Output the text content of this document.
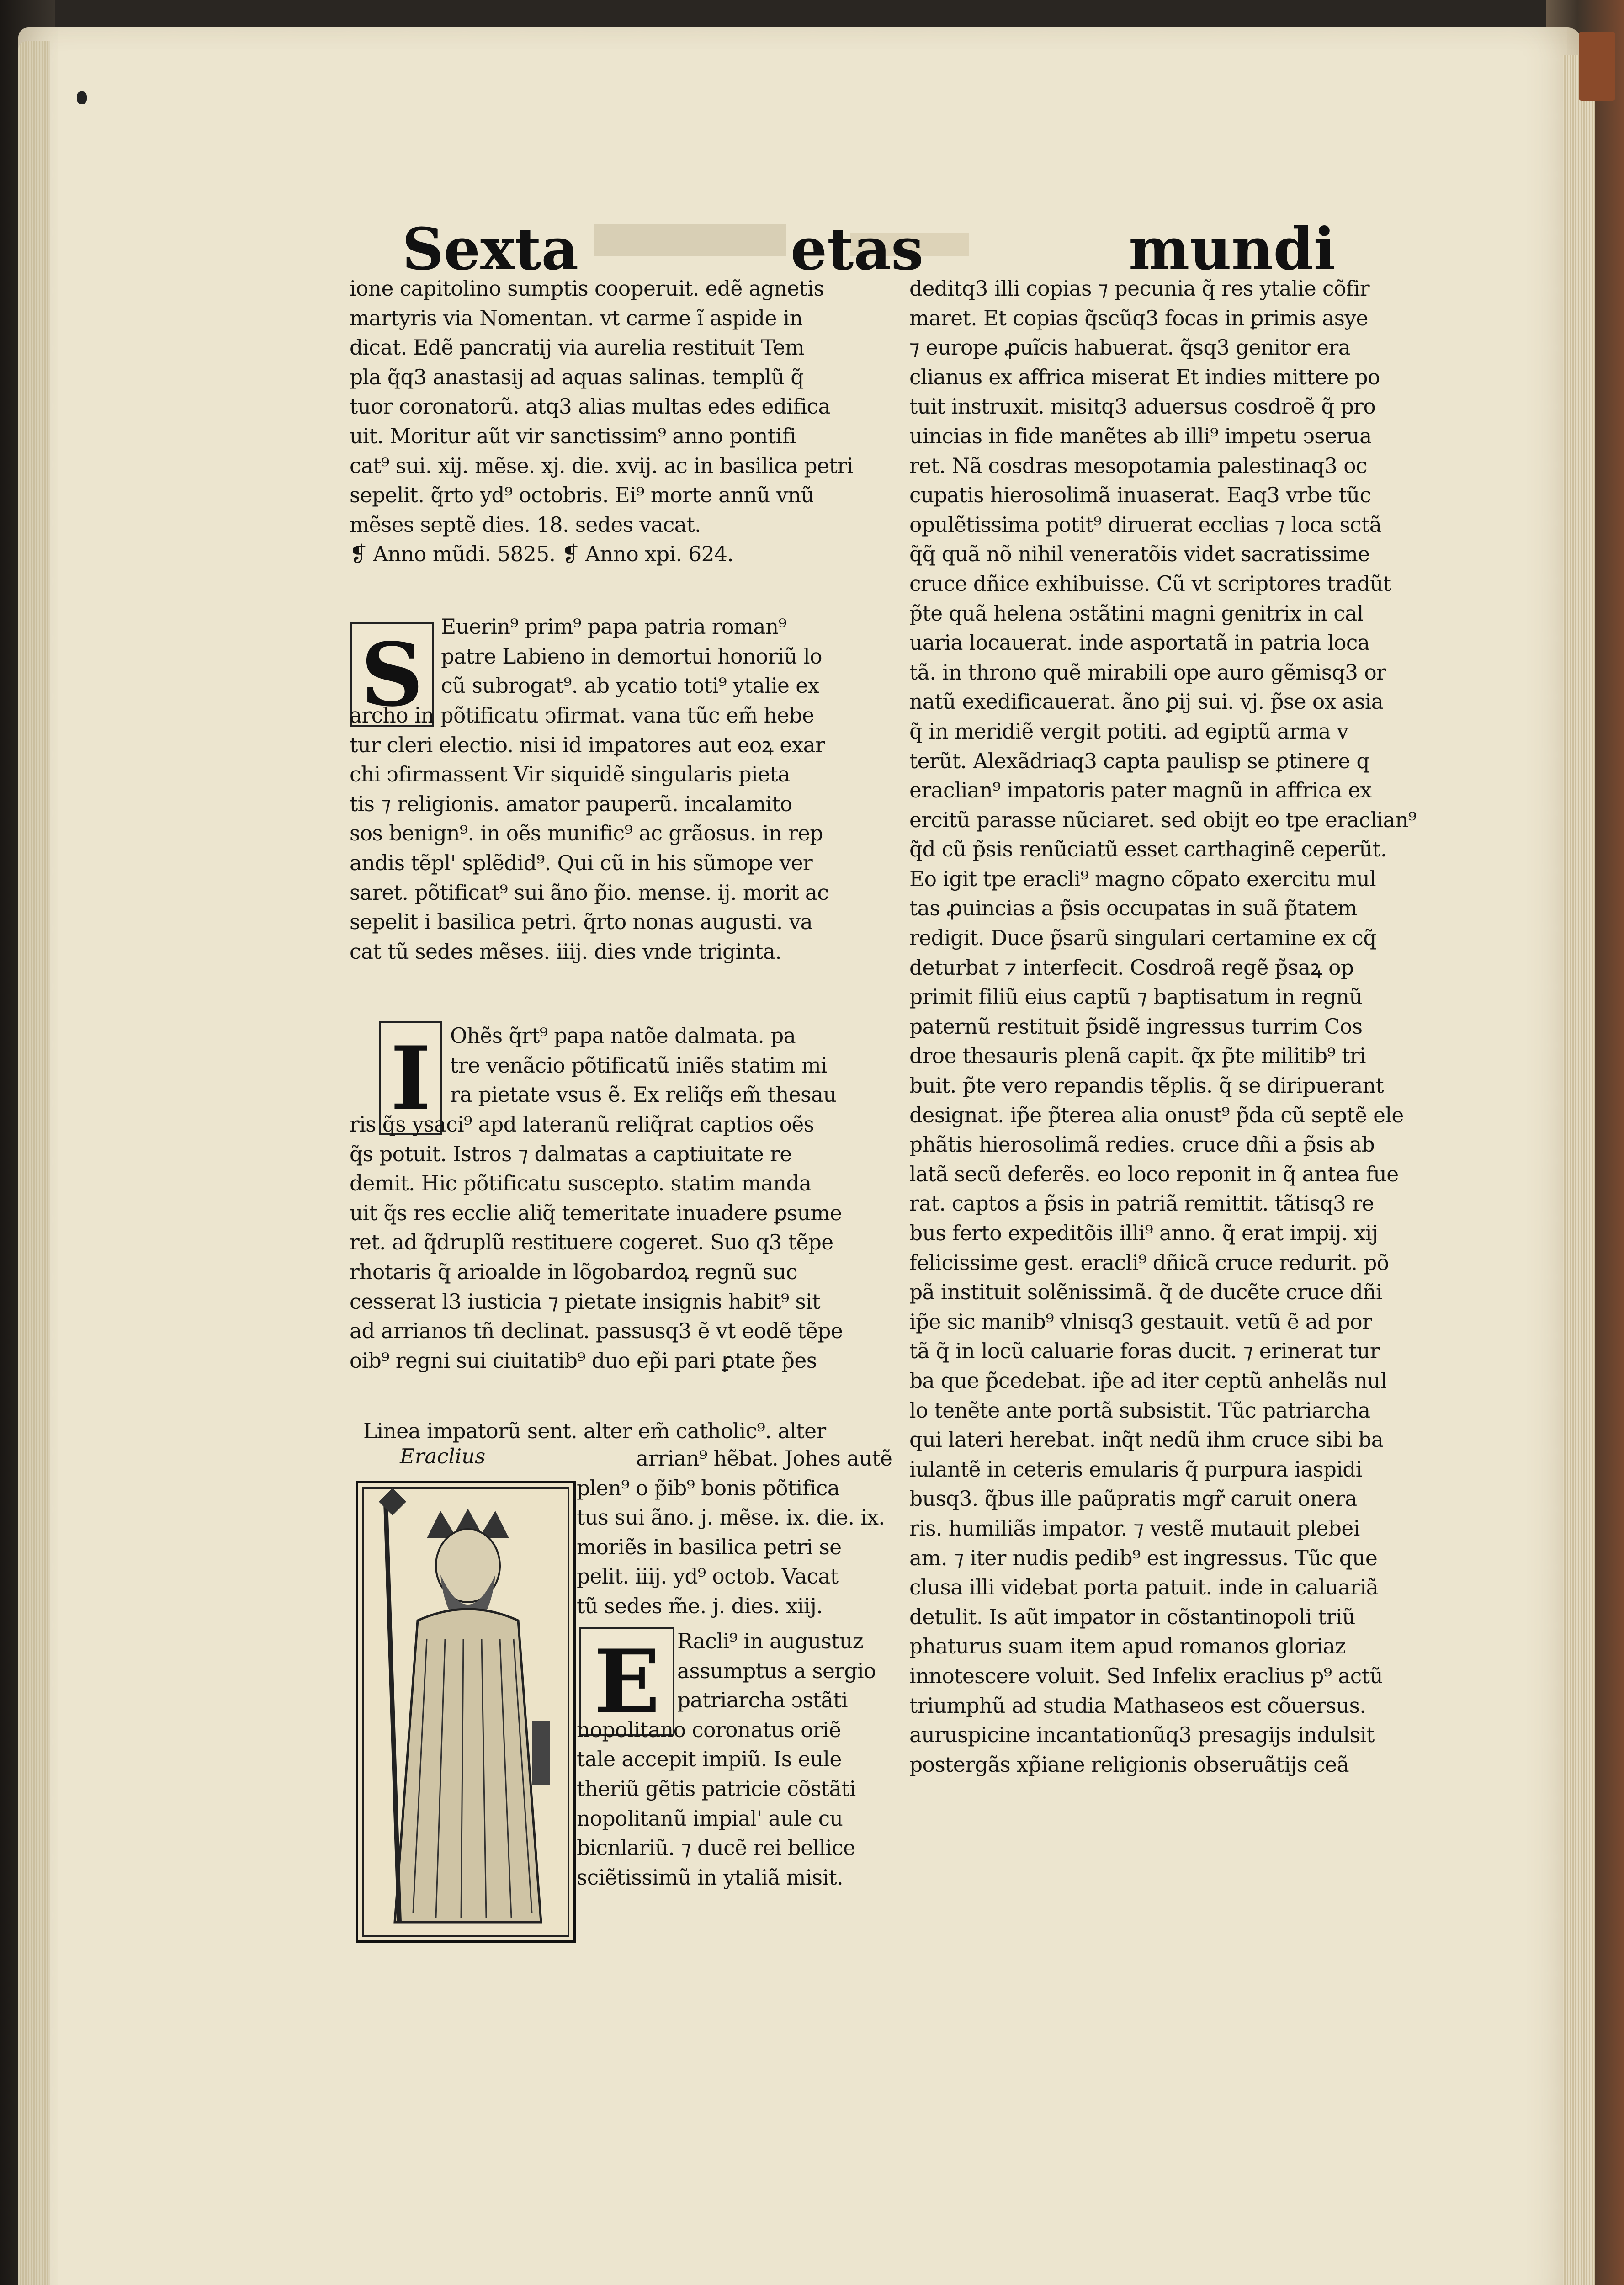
Sexta	etas	mundi
ione capitolino sumptis cooperuit. edẽ agnetis
martyris via Nomentan. vt carme ĩ aspide in
dicat. Edẽ pancratij via aurelia restituit Tem
pla q̃q3 anastasij ad aquas salinas. templũ q̃
tuor coronatorũ. atq3 alias multas edes edifica
uit. Moritur aũt vir sanctissim⁹ anno pontifi
cat⁹ sui. xij. mẽse. xj. die. xvij. ac in basilica petri
sepelit. q̃rto yd⁹ octobris. Ei⁹ morte annũ vnũ
mẽses septẽ dies. 18. sedes vacat.
❡ Anno mũdi. 5825. ❡ Anno xpi. 624.
S Euerin⁹ prim⁹ papa patria roman⁹
patre Labieno in demortui honoriũ lo
cũ subrogat⁹. ab ycatio toti⁹ ytalie ex
archo in põtificatu ↄfirmat. vana tũc em̃ hebe
tur cleri electio. nisi id imꝑatores aut eoꝝ exar
chi ↄfirmassent Vir siquidẽ singularis pieta
tis ⁊ religionis. amator pauperũ. incalamito
sos benign⁹. in oẽs munific⁹ ac grãosus. in rep
andis tẽpl' splẽdid⁹. Qui cũ in his sũmope ver
saret. põtificat⁹ sui ãno p̃io. mense. ij. morit ac
sepelit i basilica petri. q̃rto nonas augusti. va
cat tũ sedes mẽses. iiij. dies vnde triginta.
I Ohẽs q̃rt⁹ papa natõe dalmata. pa
tre venãcio põtificatũ iniẽs statim mi
ra pietate vsus ẽ. Ex reliq̃s em̃ thesau
ris q̃s ysaci⁹ apd lateranũ reliq̃rat captios oẽs
q̃s potuit. Istros ⁊ dalmatas a captiuitate re
demit. Hic põtificatu suscepto. statim manda
uit q̃s res ecclie aliq̃ temeritate inuadere ꝑsume
ret. ad q̃druplũ restituere cogeret. Suo q3 tẽpe
rhotaris q̃ arioalde in lõgobardoꝝ regnũ suc
cesserat l3 iusticia ⁊ pietate insignis habit⁹ sit
ad arrianos tñ declinat. passusq3 ẽ vt eodẽ tẽpe
oib⁹ regni sui ciuitatib⁹ duo ep̃i pari ꝑtate p̃es
Linea impatorũ sent. alter em̃ catholic⁹. alter
Eraclius	arrian⁹ hẽbat. Johes autẽ
plen⁹ o p̃ib⁹ bonis põtifica
tus sui ãno. j. mẽse. ix. die. ix.
moriẽs in basilica petri se
pelit. iiij. yd⁹ octob. Vacat
tũ sedes m̃e. j. dies. xiij.
E Racli⁹ in augustuz
assumptus a sergio
patriarcha ↄstãti
nopolitano coronatus oriẽ
tale accepit impiũ. Is eule
theriũ gẽtis patricie cõstãti
nopolitanũ impial' aule cu
bicnlariũ. ⁊ ducẽ rei bellice
sciẽtissimũ in ytaliã misit.
deditq3 illi copias ⁊ pecunia q̃ res ytalie cõfir
maret. Et copias q̃scũq3 focas in ꝑrimis asye
⁊ europe ꝓuĩcis habuerat. q̃sq3 genitor era
clianus ex affrica miserat Et indies mittere po
tuit instruxit. misitq3 aduersus cosdroẽ q̃ pro
uincias in fide manẽtes ab illi⁹ impetu ↄserua
ret. Nã cosdras mesopotamia palestinaq3 oc
cupatis hierosolimã inuaserat. Eaq3 vrbe tũc
opulẽtissima potit⁹ diruerat ecclias ⁊ loca sctã
q̃q̃ quã nõ nihil veneratõis videt sacratissime
cruce dñice exhibuisse. Cũ vt scriptores tradũt
p̃te quã helena ↄstãtini magni genitrix in cal
uaria locauerat. inde asportatã in patria loca
tã. in throno quẽ mirabili ope auro gẽmisq3 or
natũ exedificauerat. ãno ꝑij sui. vj. p̃se ox asia
q̃ in meridiẽ vergit potiti. ad egiptũ arma v
terũt. Alexãdriaq3 capta paulisp se ꝑtinere q
eraclian⁹ impatoris pater magnũ in affrica ex
ercitũ parasse nũciaret. sed obijt eo tpe eraclian⁹
q̃d cũ p̃sis renũciatũ esset carthaginẽ ceperũt.
Eo igit tpe eracli⁹ magno cõpato exercitu mul
tas ꝓuincias a p̃sis occupatas in suã p̃tatem
redigit. Duce p̃sarũ singulari certamine ex cq̃
deturbat ⁊ interfecit. Cosdroã regẽ p̃saꝝ op
primit filiũ eius captũ ⁊ baptisatum in regnũ
paternũ restituit p̃sidẽ ingressus turrim Cos
droe thesauris plenã capit. q̃x p̃te militib⁹ tri
buit. p̃te vero repandis tẽplis. q̃ se diripuerant
designat. ip̃e p̃terea alia onust⁹ p̃da cũ septẽ ele
phãtis hierosolimã redies. cruce dñi a p̃sis ab
latã secũ deferẽs. eo loco reponit in q̃ antea fue
rat. captos a p̃sis in patriã remittit. tãtisq3 re
bus ferto expeditõis illi⁹ anno. q̃ erat impij. xij
felicissime gest. eracli⁹ dñicã cruce redurit. põ
pã instituit solẽnissimã. q̃ de ducẽte cruce dñi
ip̃e sic manib⁹ vlnisq3 gestauit. vetũ ẽ ad por
tã q̃ in locũ caluarie foras ducit. ⁊ erinerat tur
ba que p̃cedebat. ip̃e ad iter ceptũ anhelãs nul
lo tenẽte ante portã subsistit. Tũc patriarcha
qui lateri herebat. inq̃t nedũ ihm cruce sibi ba
iulantẽ in ceteris emularis q̃ purpura iaspidi
busq3. q̃bus ille paũpratis mgr̃ caruit onera
ris. humiliãs impator. ⁊ vestẽ mutauit plebei
am. ⁊ iter nudis pedib⁹ est ingressus. Tũc que
clusa illi videbat porta patuit. inde in caluariã
detulit. Is aũt impator in cõstantinopoli triũ
phaturus suam item apud romanos gloriaz
innotescere voluit. Sed Infelix eraclius p⁹ actũ
triumphũ ad studia Mathaseos est cõuersus.
auruspicine incantationũq3 presagijs indulsit
postergãs xp̃iane religionis obseruãtijs ceã
